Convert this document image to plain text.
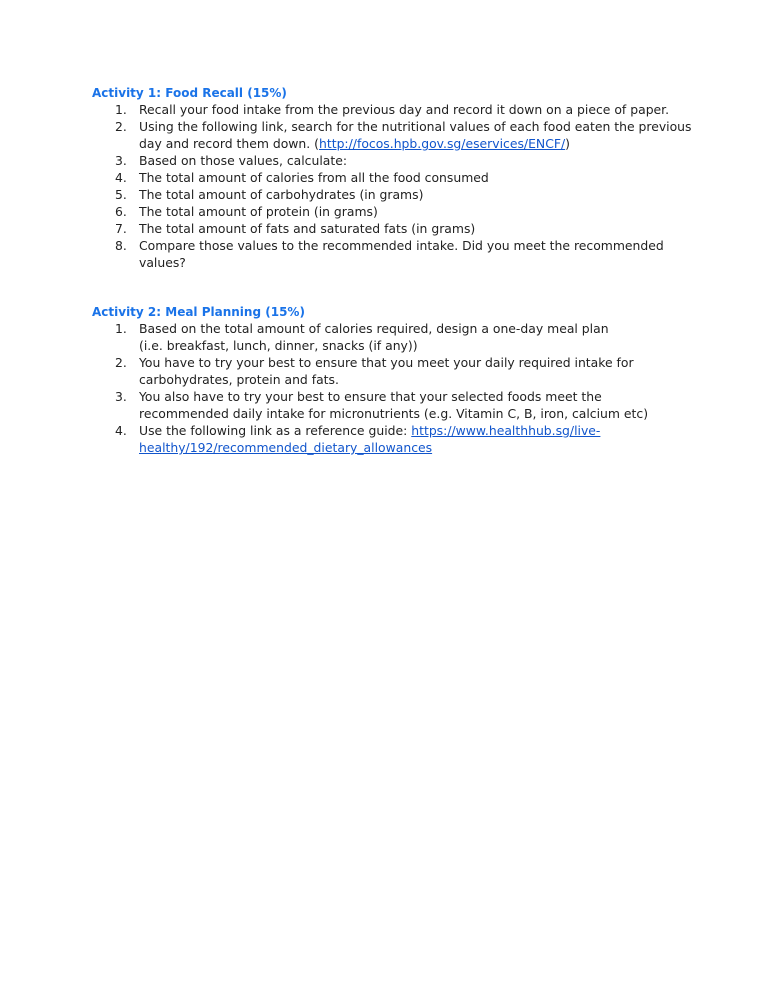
Activity 1: Food Recall (15%)

1. Recall your food intake from the previous day and record it down on a piece of paper.
2. Using the following link, search for the nutritional values of each food eaten the previous day and record them down. (http://focos.hpb.gov.sg/eservices/ENCF/)
3. Based on those values, calculate:
4. The total amount of calories from all the food consumed
5. The total amount of carbohydrates (in grams)
6. The total amount of protein (in grams)
7. The total amount of fats and saturated fats (in grams)
8. Compare those values to the recommended intake. Did you meet the recommended values?

Activity 2: Meal Planning (15%)

1. Based on the total amount of calories required, design a one-day meal plan
(i.e. breakfast, lunch, dinner, snacks (if any))
2. You have to try your best to ensure that you meet your daily required intake for carbohydrates, protein and fats.
3. You also have to try your best to ensure that your selected foods meet the recommended daily intake for micronutrients (e.g. Vitamin C, B, iron, calcium etc)
4. Use the following link as a reference guide: https://www.healthhub.sg/live-healthy/192/recommended_dietary_allowances
